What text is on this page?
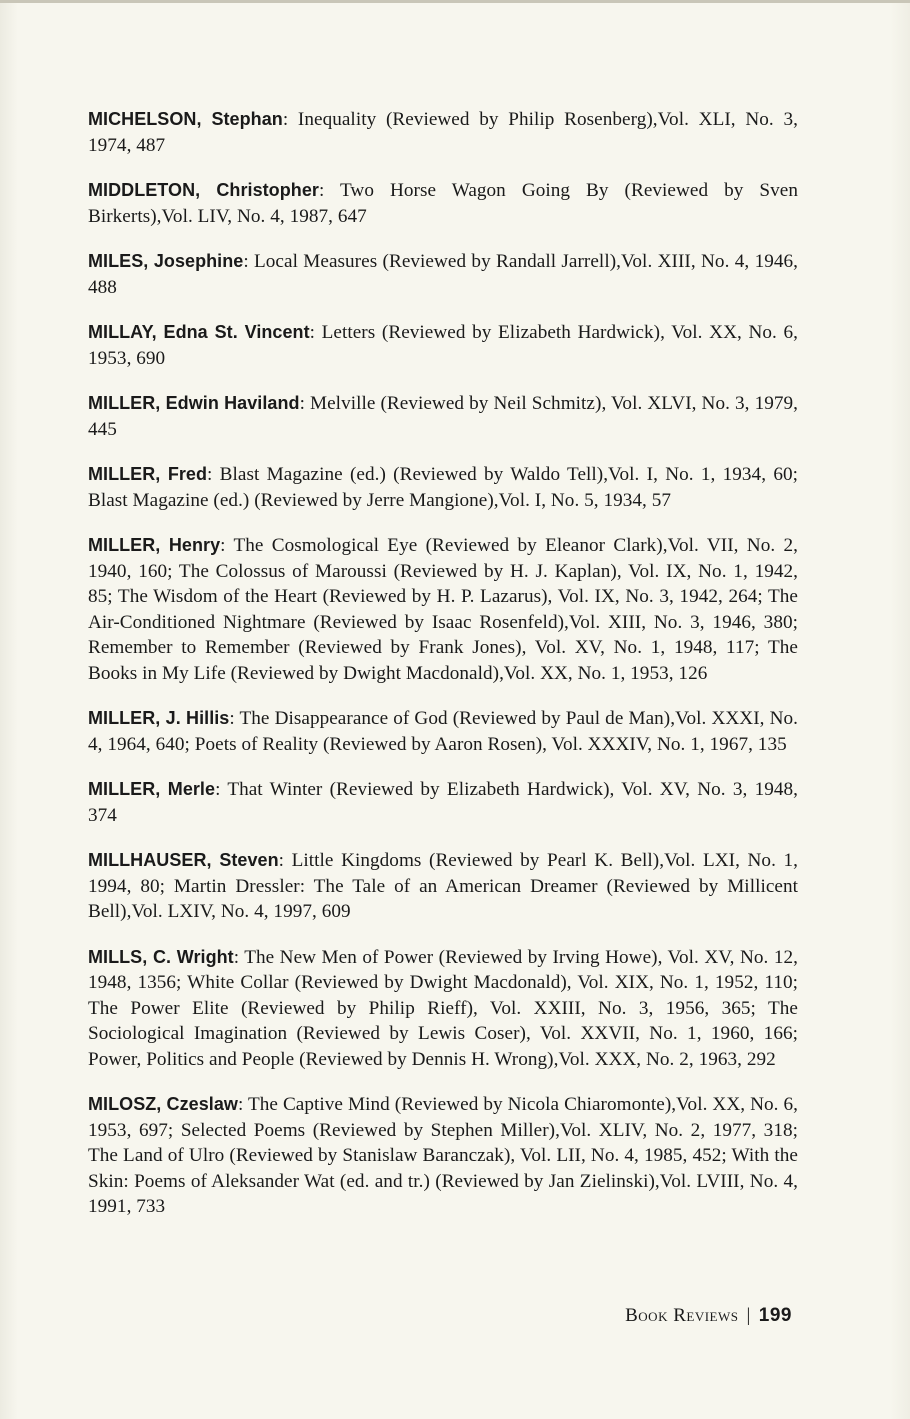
MICHELSON, Stephan: Inequality (Reviewed by Philip Rosenberg),Vol. XLI, No. 3, 1974, 487

MIDDLETON, Christopher: Two Horse Wagon Going By (Reviewed by Sven Birkerts),Vol. LIV, No. 4, 1987, 647

MILES, Josephine: Local Measures (Reviewed by Randall Jarrell),Vol. XIII, No. 4, 1946, 488

MILLAY, Edna St. Vincent: Letters (Reviewed by Elizabeth Hardwick), Vol. XX, No. 6, 1953, 690

MILLER, Edwin Haviland: Melville (Reviewed by Neil Schmitz), Vol. XLVI, No. 3, 1979, 445

MILLER, Fred: Blast Magazine (ed.) (Reviewed by Waldo Tell),Vol. I, No. 1, 1934, 60; Blast Magazine (ed.) (Reviewed by Jerre Mangione),Vol. I, No. 5, 1934, 57

MILLER, Henry: The Cosmological Eye (Reviewed by Eleanor Clark),Vol. VII, No. 2, 1940, 160; The Colossus of Maroussi (Reviewed by H. J. Kaplan), Vol. IX, No. 1, 1942, 85; The Wisdom of the Heart (Reviewed by H. P. Lazarus), Vol. IX, No. 3, 1942, 264; The Air-Conditioned Nightmare (Reviewed by Isaac Rosenfeld),Vol. XIII, No. 3, 1946, 380; Remember to Remember (Reviewed by Frank Jones), Vol. XV, No. 1, 1948, 117; The Books in My Life (Reviewed by Dwight Macdonald),Vol. XX, No. 1, 1953, 126

MILLER, J. Hillis: The Disappearance of God (Reviewed by Paul de Man),Vol. XXXI, No. 4, 1964, 640; Poets of Reality (Reviewed by Aaron Rosen), Vol. XXXIV, No. 1, 1967, 135

MILLER, Merle: That Winter (Reviewed by Elizabeth Hardwick), Vol. XV, No. 3, 1948, 374

MILLHAUSER, Steven: Little Kingdoms (Reviewed by Pearl K. Bell),Vol. LXI, No. 1, 1994, 80; Martin Dressler: The Tale of an American Dreamer (Reviewed by Millicent Bell),Vol. LXIV, No. 4, 1997, 609

MILLS, C. Wright: The New Men of Power (Reviewed by Irving Howe), Vol. XV, No. 12, 1948, 1356; White Collar (Reviewed by Dwight Macdonald), Vol. XIX, No. 1, 1952, 110; The Power Elite (Reviewed by Philip Rieff), Vol. XXIII, No. 3, 1956, 365; The Sociological Imagination (Reviewed by Lewis Coser), Vol. XXVII, No. 1, 1960, 166; Power, Politics and People (Reviewed by Dennis H. Wrong),Vol. XXX, No. 2, 1963, 292

MILOSZ, Czeslaw: The Captive Mind (Reviewed by Nicola Chiaromonte),Vol. XX, No. 6, 1953, 697; Selected Poems (Reviewed by Stephen Miller),Vol. XLIV, No. 2, 1977, 318; The Land of Ulro (Reviewed by Stanislaw Baranczak), Vol. LII, No. 4, 1985, 452; With the Skin: Poems of Aleksander Wat (ed. and tr.) (Reviewed by Jan Zielinski),Vol. LVIII, No. 4, 1991, 733

Book Reviews | 199
